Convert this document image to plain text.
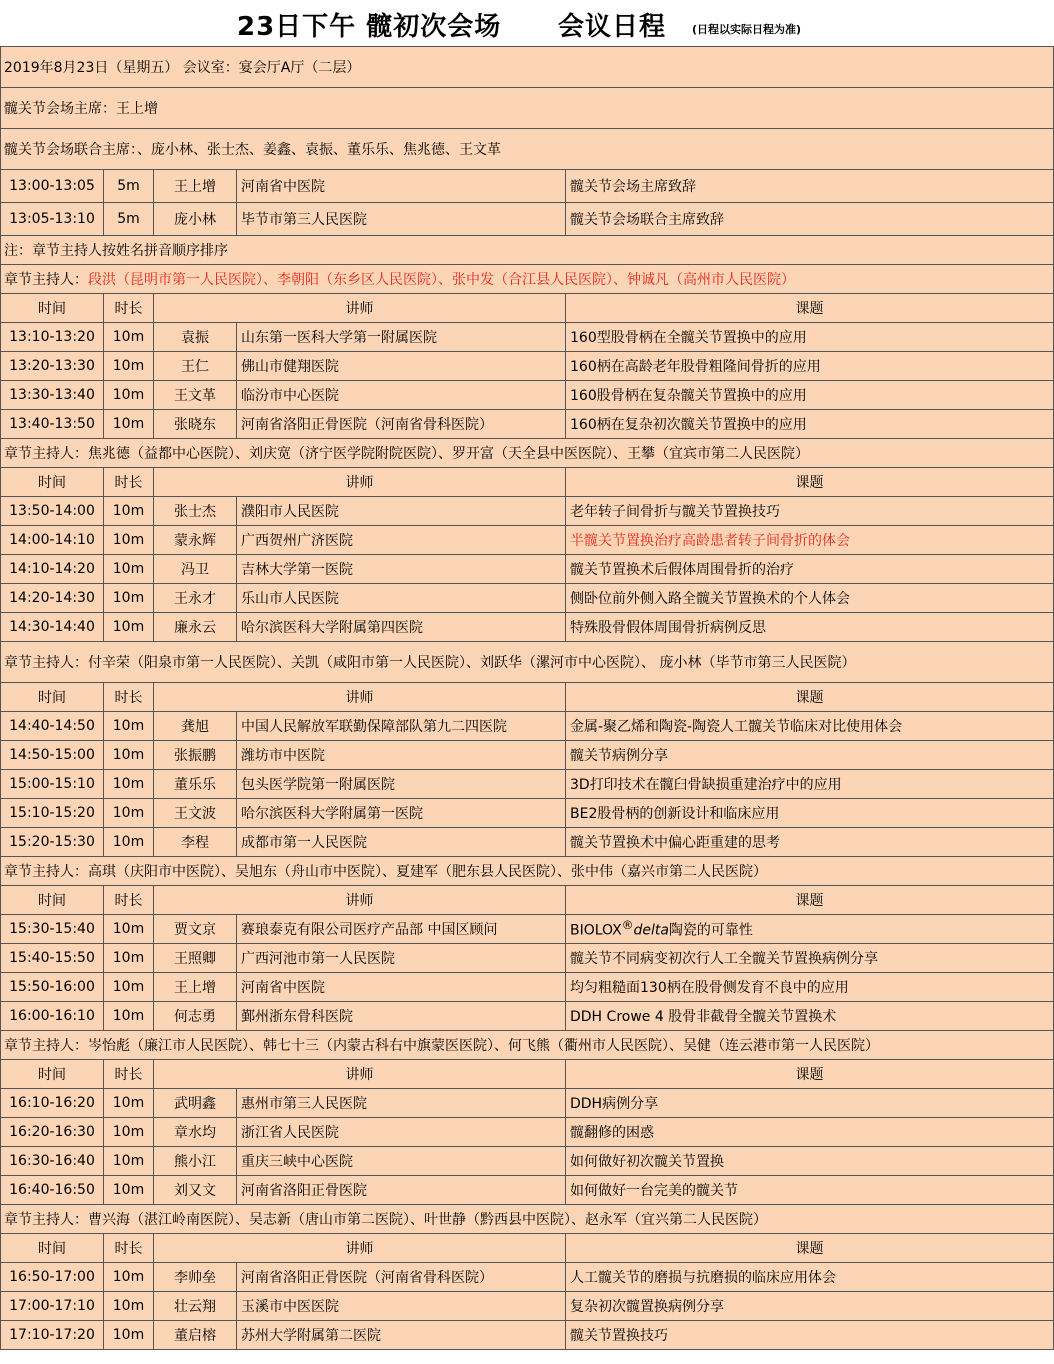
23日下午 髋初次会场 会议日程 (日程以实际日程为准)
2019年8月23日（星期五） 会议室：宴会厅A厅（二层）				
髋关节会场主席：王上增				
髋关节会场联合主席：、庞小林、张士杰、姜鑫、袁振、董乐乐、焦兆德、王文革				
13:00-13:05	5m	王上增	河南省中医院	髋关节会场主席致辞
13:05-13:10	5m	庞小林	毕节市第三人民医院	髋关节会场联合主席致辞
注：章节主持人按姓名拼音顺序排序				
章节主持人：段洪（昆明市第一人民医院）、李朝阳（东乡区人民医院）、张中发（合江县人民医院）、钟诚凡（高州市人民医院）				
时间	时长	讲师		课题
13:10-13:20	10m	袁振	山东第一医科大学第一附属医院	160型股骨柄在全髋关节置换中的应用
13:20-13:30	10m	王仁	佛山市健翔医院	160柄在高龄老年股骨粗隆间骨折的应用
13:30-13:40	10m	王文革	临汾市中心医院	160股骨柄在复杂髋关节置换中的应用
13:40-13:50	10m	张晓东	河南省洛阳正骨医院（河南省骨科医院）	160柄在复杂初次髋关节置换中的应用
章节主持人：焦兆德（益都中心医院）、刘庆宽（济宁医学院附院医院）、罗开富（天全县中医医院）、王攀（宜宾市第二人民医院）				
时间	时长	讲师		课题
13:50-14:00	10m	张士杰	濮阳市人民医院	老年转子间骨折与髋关节置换技巧
14:00-14:10	10m	蒙永辉	广西贺州广济医院	半髋关节置换治疗高龄患者转子间骨折的体会
14:10-14:20	10m	冯卫	吉林大学第一医院	髋关节置换术后假体周围骨折的治疗
14:20-14:30	10m	王永才	乐山市人民医院	侧卧位前外侧入路全髋关节置换术的个人体会
14:30-14:40	10m	廉永云	哈尔滨医科大学附属第四医院	特殊股骨假体周围骨折病例反思
章节主持人：付辛荣（阳泉市第一人民医院）、关凯（咸阳市第一人民医院）、刘跃华（漯河市中心医院）、 庞小林（毕节市第三人民医院）				
时间	时长	讲师		课题
14:40-14:50	10m	龚旭	中国人民解放军联勤保障部队第九二四医院	金属-聚乙烯和陶瓷-陶瓷人工髋关节临床对比使用体会
14:50-15:00	10m	张振鹏	潍坊市中医院	髋关节病例分享
15:00-15:10	10m	董乐乐	包头医学院第一附属医院	3D打印技术在髋臼骨缺损重建治疗中的应用
15:10-15:20	10m	王文波	哈尔滨医科大学附属第一医院	BE2股骨柄的创新设计和临床应用
15:20-15:30	10m	李程	成都市第一人民医院	髋关节置换术中偏心距重建的思考
章节主持人：高琪（庆阳市中医院）、吴旭东（舟山市中医院）、夏建军（肥东县人民医院）、张中伟（嘉兴市第二人民医院）				
时间	时长	讲师		课题
15:30-15:40	10m	贾文京	赛琅泰克有限公司医疗产品部 中国区顾问	BIOLOX®delta陶瓷的可靠性
15:40-15:50	10m	王照卿	广西河池市第一人民医院	髋关节不同病变初次行人工全髋关节置换病例分享
15:50-16:00	10m	王上增	河南省中医院	均匀粗糙面130柄在股骨侧发育不良中的应用
16:00-16:10	10m	何志勇	鄞州浙东骨科医院	DDH Crowe 4 股骨非截骨全髋关节置换术
章节主持人：岑怡彪（廉江市人民医院）、韩七十三（内蒙古科右中旗蒙医医院）、何飞熊（衢州市人民医院）、吴健（连云港市第一人民医院）				
时间	时长	讲师		课题
16:10-16:20	10m	武明鑫	惠州市第三人民医院	DDH病例分享
16:20-16:30	10m	章水均	浙江省人民医院	髋翻修的困惑
16:30-16:40	10m	熊小江	重庆三峡中心医院	如何做好初次髋关节置换
16:40-16:50	10m	刘又文	河南省洛阳正骨医院	如何做好一台完美的髋关节
章节主持人：曹兴海（湛江岭南医院）、吴志新（唐山市第二医院）、叶世静（黔西县中医院）、赵永军（宜兴第二人民医院）				
时间	时长	讲师		课题
16:50-17:00	10m	李帅垒	河南省洛阳正骨医院（河南省骨科医院）	人工髋关节的磨损与抗磨损的临床应用体会
17:00-17:10	10m	壮云翔	玉溪市中医医院	复杂初次髋置换病例分享
17:10-17:20	10m	董启榕	苏州大学附属第二医院	髋关节置换技巧
